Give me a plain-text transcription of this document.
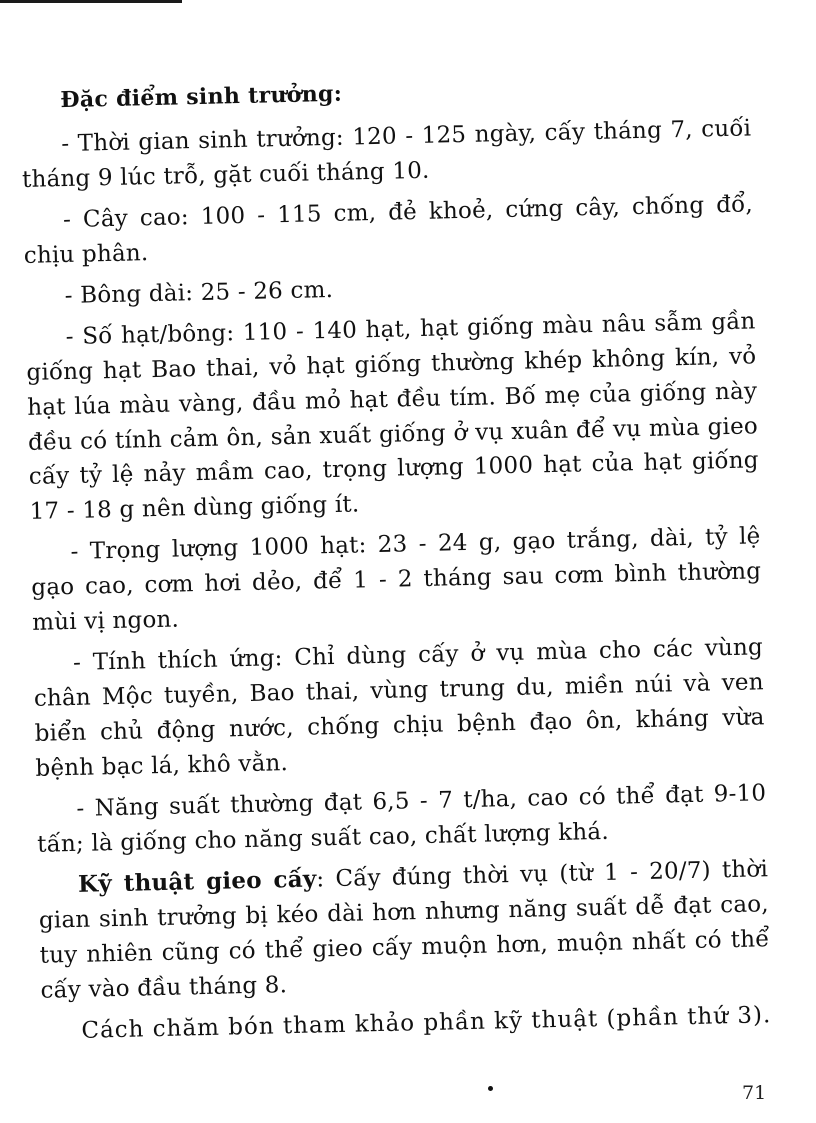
Đặc điểm sinh trưởng:

- Thời gian sinh trưởng: 120 - 125 ngày, cấy tháng 7, cuối tháng 9 lúc trỗ, gặt cuối tháng 10.

- Cây cao: 100 - 115 cm, đẻ khoẻ, cứng cây, chống đổ, chịu phân.

- Bông dài: 25 - 26 cm.

- Số hạt/bông: 110 - 140 hạt, hạt giống màu nâu sẫm gần giống hạt Bao thai, vỏ hạt giống thường khép không kín, vỏ hạt lúa màu vàng, đầu mỏ hạt đều tím. Bố mẹ của giống này đều có tính cảm ôn, sản xuất giống ở vụ xuân để vụ mùa gieo cấy tỷ lệ nảy mầm cao, trọng lượng 1000 hạt của hạt giống 17 - 18 g nên dùng giống ít.

- Trọng lượng 1000 hạt: 23 - 24 g, gạo trắng, dài, tỷ lệ gạo cao, cơm hơi dẻo, để 1 - 2 tháng sau cơm bình thường mùi vị ngon.

- Tính thích ứng: Chỉ dùng cấy ở vụ mùa cho các vùng chân Mộc tuyền, Bao thai, vùng trung du, miền núi và ven biển chủ động nước, chống chịu bệnh đạo ôn, kháng vừa bệnh bạc lá, khô vằn.

- Năng suất thường đạt 6,5 - 7 t/ha, cao có thể đạt 9-10 tấn; là giống cho năng suất cao, chất lượng khá.

Kỹ thuật gieo cấy: Cấy đúng thời vụ (từ 1 - 20/7) thời gian sinh trưởng bị kéo dài hơn nhưng năng suất dễ đạt cao, tuy nhiên cũng có thể gieo cấy muộn hơn, muộn nhất có thể cấy vào đầu tháng 8.

Cách chăm bón tham khảo phần kỹ thuật (phần thứ 3).

71
